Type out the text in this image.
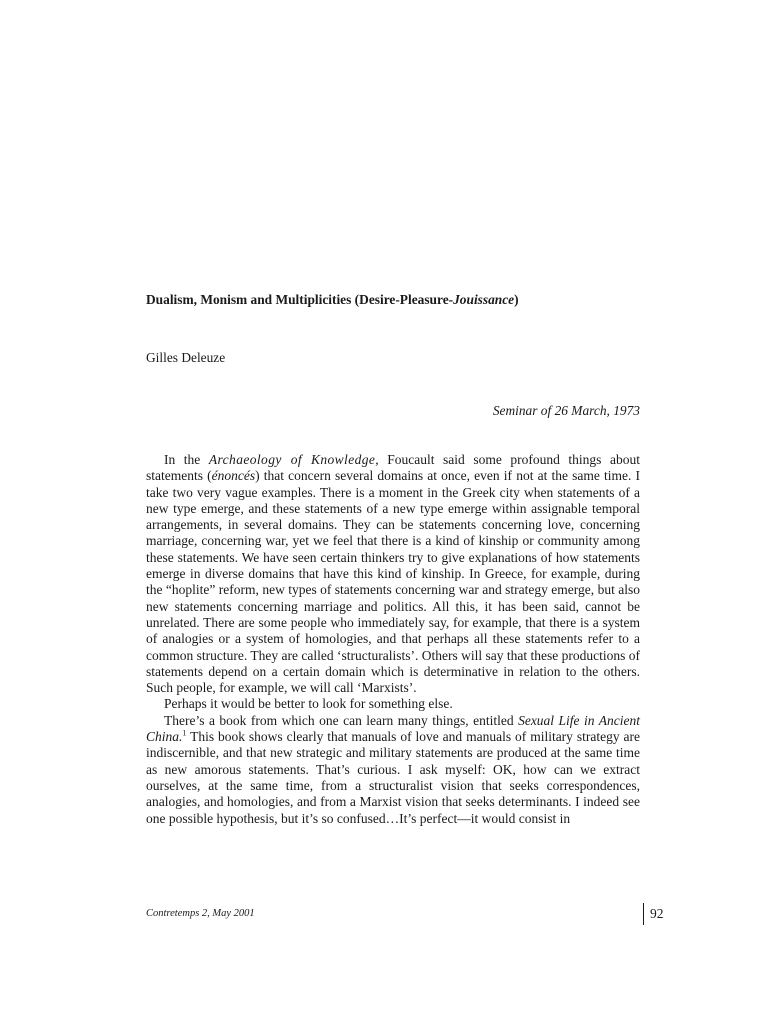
Dualism, Monism and Multiplicities (Desire-Pleasure-Jouissance)

Gilles Deleuze

Seminar of 26 March, 1973

In the Archaeology of Knowledge, Foucault said some profound things about statements (énoncés) that concern several domains at once, even if not at the same time. I take two very vague examples. There is a moment in the Greek city when statements of a new type emerge, and these statements of a new type emerge within assignable temporal arrangements, in several domains. They can be statements concerning love, concerning marriage, concerning war, yet we feel that there is a kind of kinship or community among these statements. We have seen certain thinkers try to give explanations of how statements emerge in diverse domains that have this kind of kinship. In Greece, for example, during the “hoplite” reform, new types of statements concerning war and strategy emerge, but also new statements concerning marriage and politics. All this, it has been said, cannot be unrelated. There are some people who immediately say, for example, that there is a system of analogies or a system of homologies, and that perhaps all these statements refer to a common structure. They are called ‘structuralists’. Others will say that these productions of statements depend on a certain domain which is determinative in relation to the others. Such people, for example, we will call ‘Marxists’.

Perhaps it would be better to look for something else.

There’s a book from which one can learn many things, entitled Sexual Life in Ancient China.$^1$ This book shows clearly that manuals of love and manuals of military strategy are indiscernible, and that new strategic and military statements are produced at the same time as new amorous statements. That’s curious. I ask myself: OK, how can we extract ourselves, at the same time, from a structuralist vision that seeks correspondences, analogies, and homologies, and from a Marxist vision that seeks determinants. I indeed see one possible hypothesis, but it’s so confused…It’s perfect—it would consist in

Contretemps 2, May 2001	92
